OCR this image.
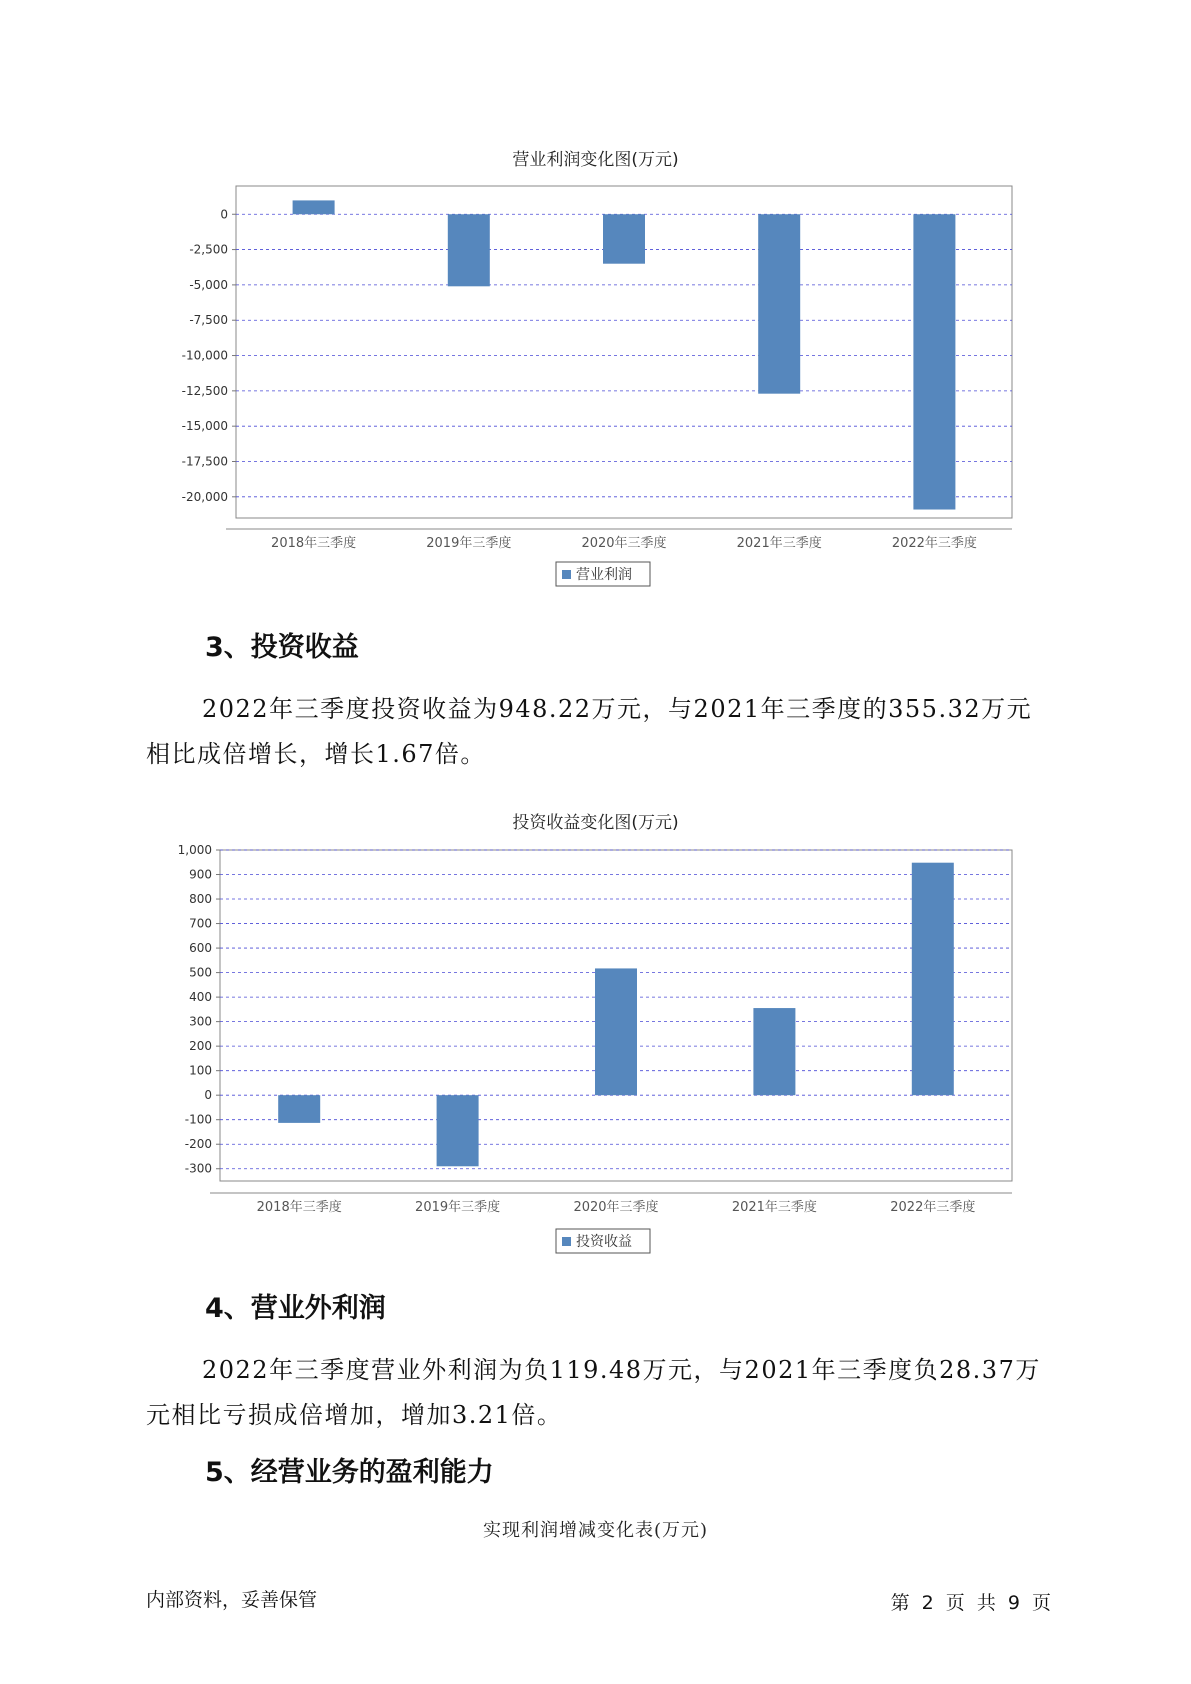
营业利润变化图(万元)
0
-2,500
-5,000
-7,500
-10,000
-12,500
-15,000
-17,500
-20,000
2018年三季度	2019年三季度	2020年三季度	2021年三季度	2022年三季度
营业利润
3、投资收益

2022年三季度投资收益为948.22万元，与2021年三季度的355.32万元
相比成倍增长，增长1.67倍。

投资收益变化图(万元)
1,000
900
800
700
600
500
400
300
200
100
0
-100
-200
-300
2018年三季度	2019年三季度	2020年三季度	2021年三季度	2022年三季度
投资收益
4、营业外利润

2022年三季度营业外利润为负119.48万元，与2021年三季度负28.37万
元相比亏损成倍增加，增加3.21倍。

5、经营业务的盈利能力
实现利润增减变化表(万元)
内部资料，妥善保管	第 2 页 共 9 页
